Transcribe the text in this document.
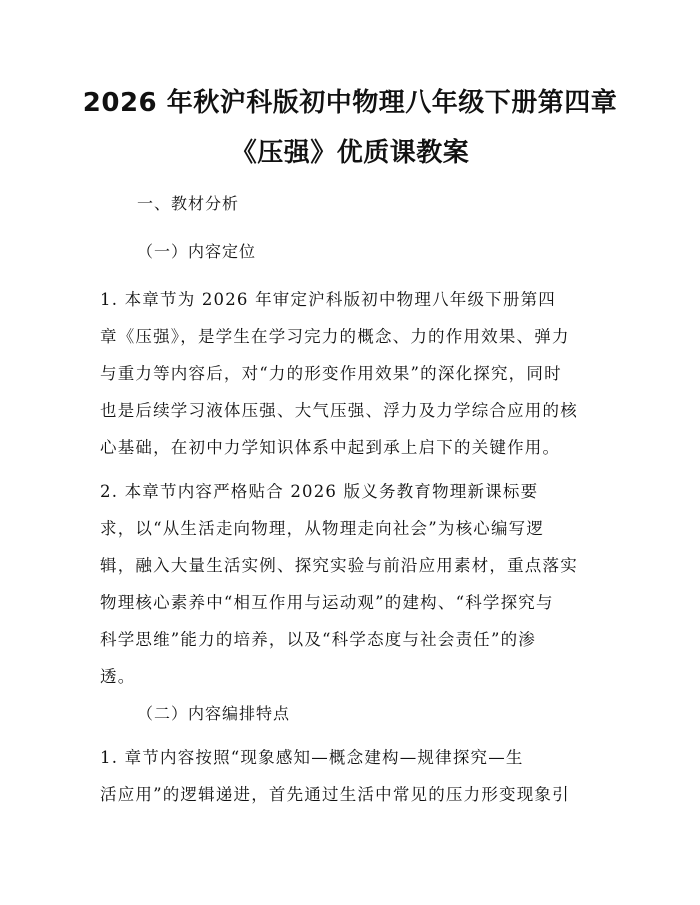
2026 年秋沪科版初中物理八年级下册第四章
《压强》优质课教案
一、教材分析
（一）内容定位
1. 本章节为 2026 年审定沪科版初中物理八年级下册第四
章《压强》，是学生在学习完力的概念、力的作用效果、弹力
与重力等内容后，对“力的形变作用效果”的深化探究，同时
也是后续学习液体压强、大气压强、浮力及力学综合应用的核
心基础，在初中力学知识体系中起到承上启下的关键作用。
2. 本章节内容严格贴合 2026 版义务教育物理新课标要
求，以“从生活走向物理，从物理走向社会”为核心编写逻
辑，融入大量生活实例、探究实验与前沿应用素材，重点落实
物理核心素养中“相互作用与运动观”的建构、“科学探究与
科学思维”能力的培养，以及“科学态度与社会责任”的渗
透。
（二）内容编排特点
1. 章节内容按照“现象感知—概念建构—规律探究—生
活应用”的逻辑递进，首先通过生活中常见的压力形变现象引
